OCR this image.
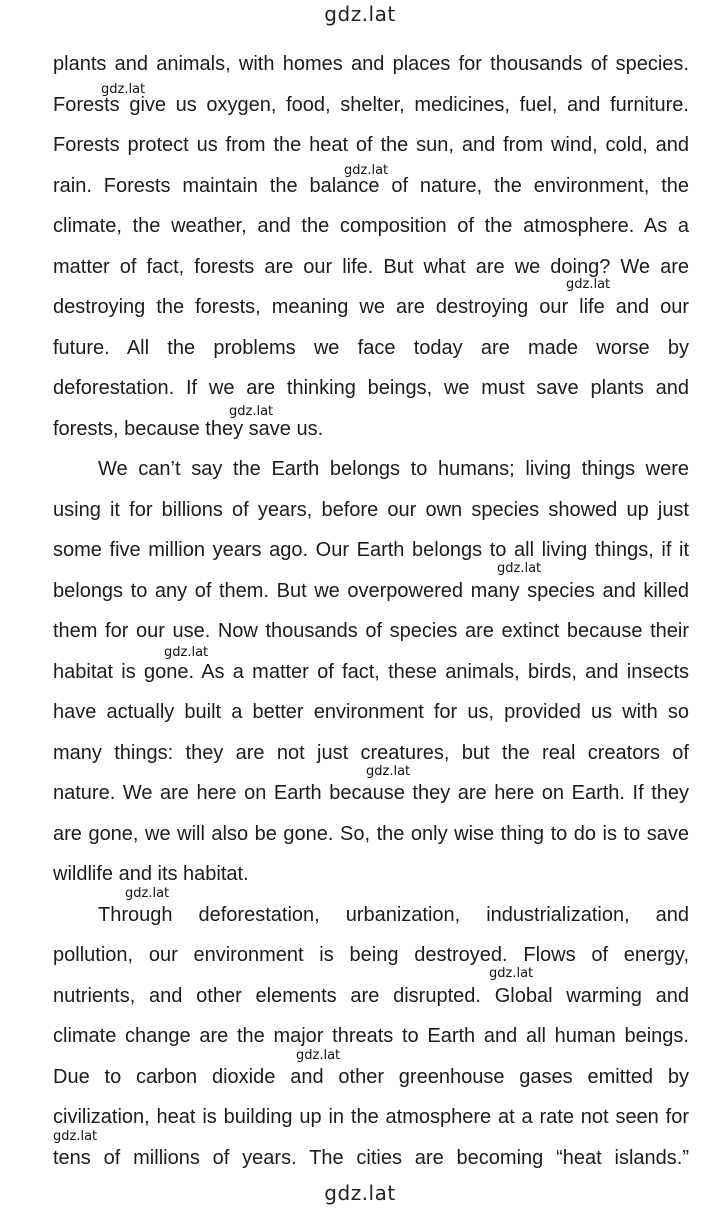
gdz.lat
plants and animals, with homes and places for thousands of species.
Forests give us oxygen, food, shelter, medicines, fuel, and furniture.
Forests protect us from the heat of the sun, and from wind, cold, and
rain. Forests maintain the balance of nature, the environment, the
climate, the weather, and the composition of the atmosphere. As a
matter of fact, forests are our life. But what are we doing? We are
destroying the forests, meaning we are destroying our life and our
future. All the problems we face today are made worse by
deforestation. If we are thinking beings, we must save plants and
forests, because they save us.
We can’t say the Earth belongs to humans; living things were
using it for billions of years, before our own species showed up just
some five million years ago. Our Earth belongs to all living things, if it
belongs to any of them. But we overpowered many species and killed
them for our use. Now thousands of species are extinct because their
habitat is gone. As a matter of fact, these animals, birds, and insects
have actually built a better environment for us, provided us with so
many things: they are not just creatures, but the real creators of
nature. We are here on Earth because they are here on Earth. If they
are gone, we will also be gone. So, the only wise thing to do is to save
wildlife and its habitat.
Through deforestation, urbanization, industrialization, and
pollution, our environment is being destroyed. Flows of energy,
nutrients, and other elements are disrupted. Global warming and
climate change are the major threats to Earth and all human beings.
Due to carbon dioxide and other greenhouse gases emitted by
civilization, heat is building up in the atmosphere at a rate not seen for
tens of millions of years. The cities are becoming “heat islands.”
gdz.lat
gdz.lat
gdz.lat
gdz.lat
gdz.lat
gdz.lat
gdz.lat
gdz.lat
gdz.lat
gdz.lat
gdz.lat
gdz.lat
